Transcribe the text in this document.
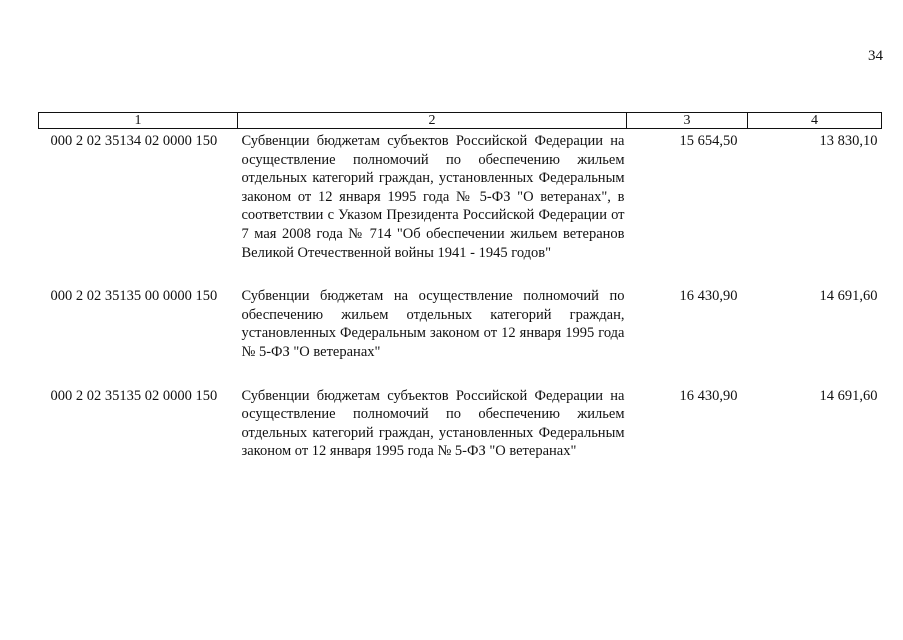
34
1	2	3	4
000 2 02 35134 02 0000 150	Субвенции бюджетам субъектов Российской Федерации на осуществление полномочий по обеспечению жильем отдельных категорий граждан, установленных Федеральным законом от 12 января 1995 года № 5-ФЗ "О ветеранах", в соответствии с Указом Президента Российской Федерации от 7 мая 2008 года № 714 "Об обеспечении жильем ветеранов Великой Отечественной войны 1941 - 1945 годов"	15 654,50	13 830,10
000 2 02 35135 00 0000 150	Субвенции бюджетам на осуществление полномочий по обеспечению жильем отдельных категорий граждан, установленных Федеральным законом от 12 января 1995 года № 5-ФЗ "О ветеранах"	16 430,90	14 691,60
000 2 02 35135 02 0000 150	Субвенции бюджетам субъектов Российской Федерации на осуществление полномочий по обеспечению жильем отдельных категорий граждан, установленных Федеральным законом от 12 января 1995 года № 5-ФЗ "О ветеранах"	16 430,90	14 691,60
